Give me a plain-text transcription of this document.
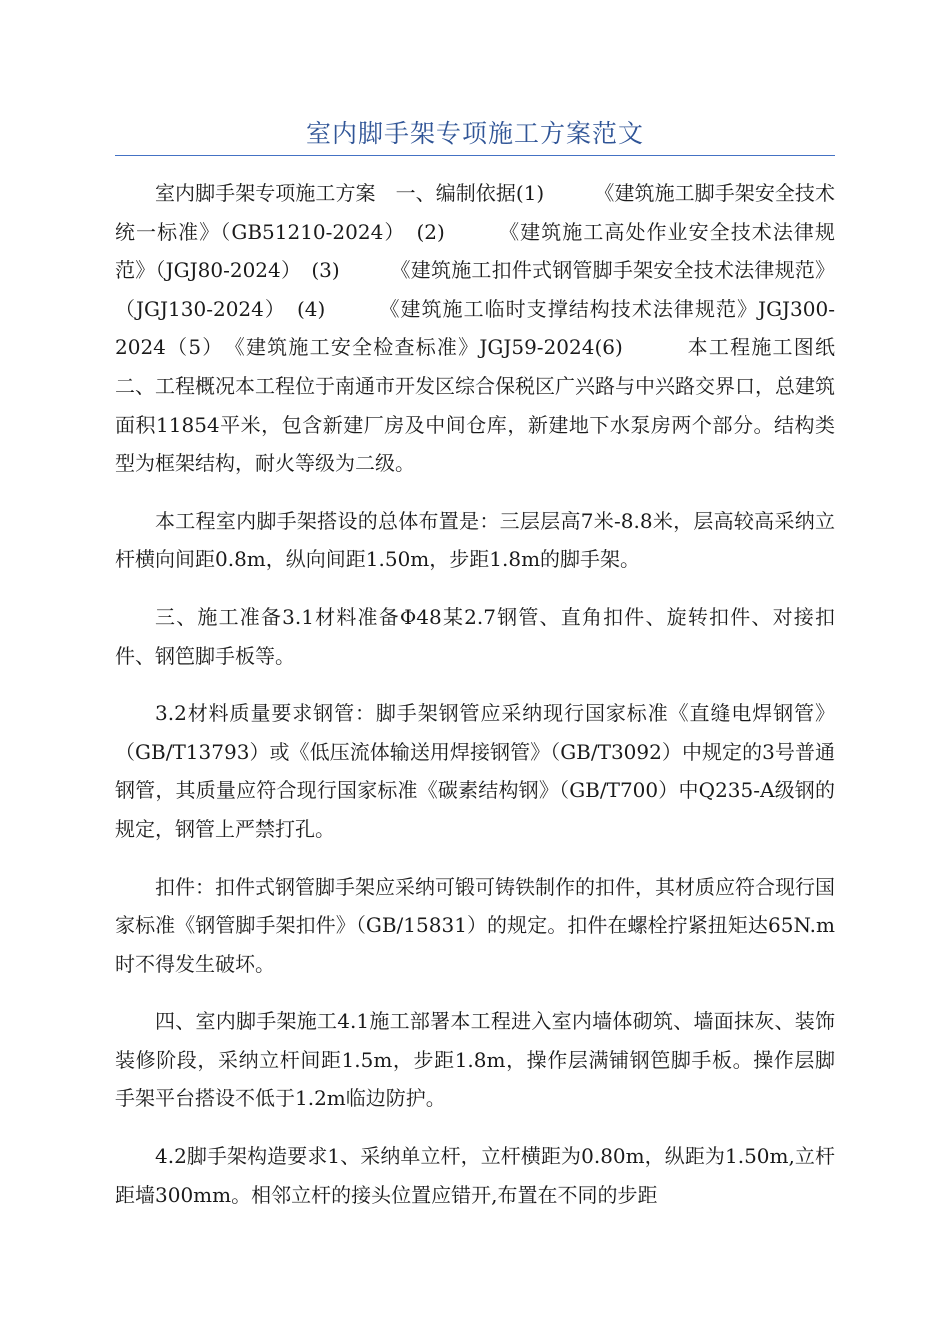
室内脚手架专项施工方案范文

室内脚手架专项施工方案　一、编制依据(1)　　　《建筑施工脚手架安全技术统一标准》（GB51210-2024）　(2)　　　《建筑施工高处作业安全技术法律规范》（JGJ80-2024）　(3)　　　《建筑施工扣件式钢管脚手架安全技术法律规范》（JGJ130-2024）　(4)　　　《建筑施工临时支撑结构技术法律规范》JGJ300-2024（5）　《建筑施工安全检查标准》JGJ59-2024(6)　　　本工程施工图纸　二、工程概况本工程位于南通市开发区综合保税区广兴路与中兴路交界口，总建筑面积11854平米，包含新建厂房及中间仓库，新建地下水泵房两个部分。结构类型为框架结构，耐火等级为二级。

本工程室内脚手架搭设的总体布置是：三层层高7米-8.8米，层高较高采纳立杆横向间距0.8m，纵向间距1.50m，步距1.8m的脚手架。

三、施工准备3.1材料准备Φ48某2.7钢管、直角扣件、旋转扣件、对接扣件、钢笆脚手板等。

3.2材料质量要求钢管：脚手架钢管应采纳现行国家标准《直缝电焊钢管》（GB/T13793）或《低压流体输送用焊接钢管》（GB/T3092）中规定的3号普通钢管，其质量应符合现行国家标准《碳素结构钢》（GB/T700）中Q235-A级钢的规定，钢管上严禁打孔。

扣件：扣件式钢管脚手架应采纳可锻可铸铁制作的扣件，其材质应符合现行国家标准《钢管脚手架扣件》（GB/15831）的规定。扣件在螺栓拧紧扭矩达65N.m时不得发生破坏。

四、室内脚手架施工4.1施工部署本工程进入室内墙体砌筑、墙面抹灰、装饰装修阶段，采纳立杆间距1.5m，步距1.8m，操作层满铺钢笆脚手板。操作层脚手架平台搭设不低于1.2m临边防护。

4.2脚手架构造要求1、采纳单立杆，立杆横距为0.80m，纵距为1.50m,立杆距墙300mm。相邻立杆的接头位置应错开,布置在不同的步距
